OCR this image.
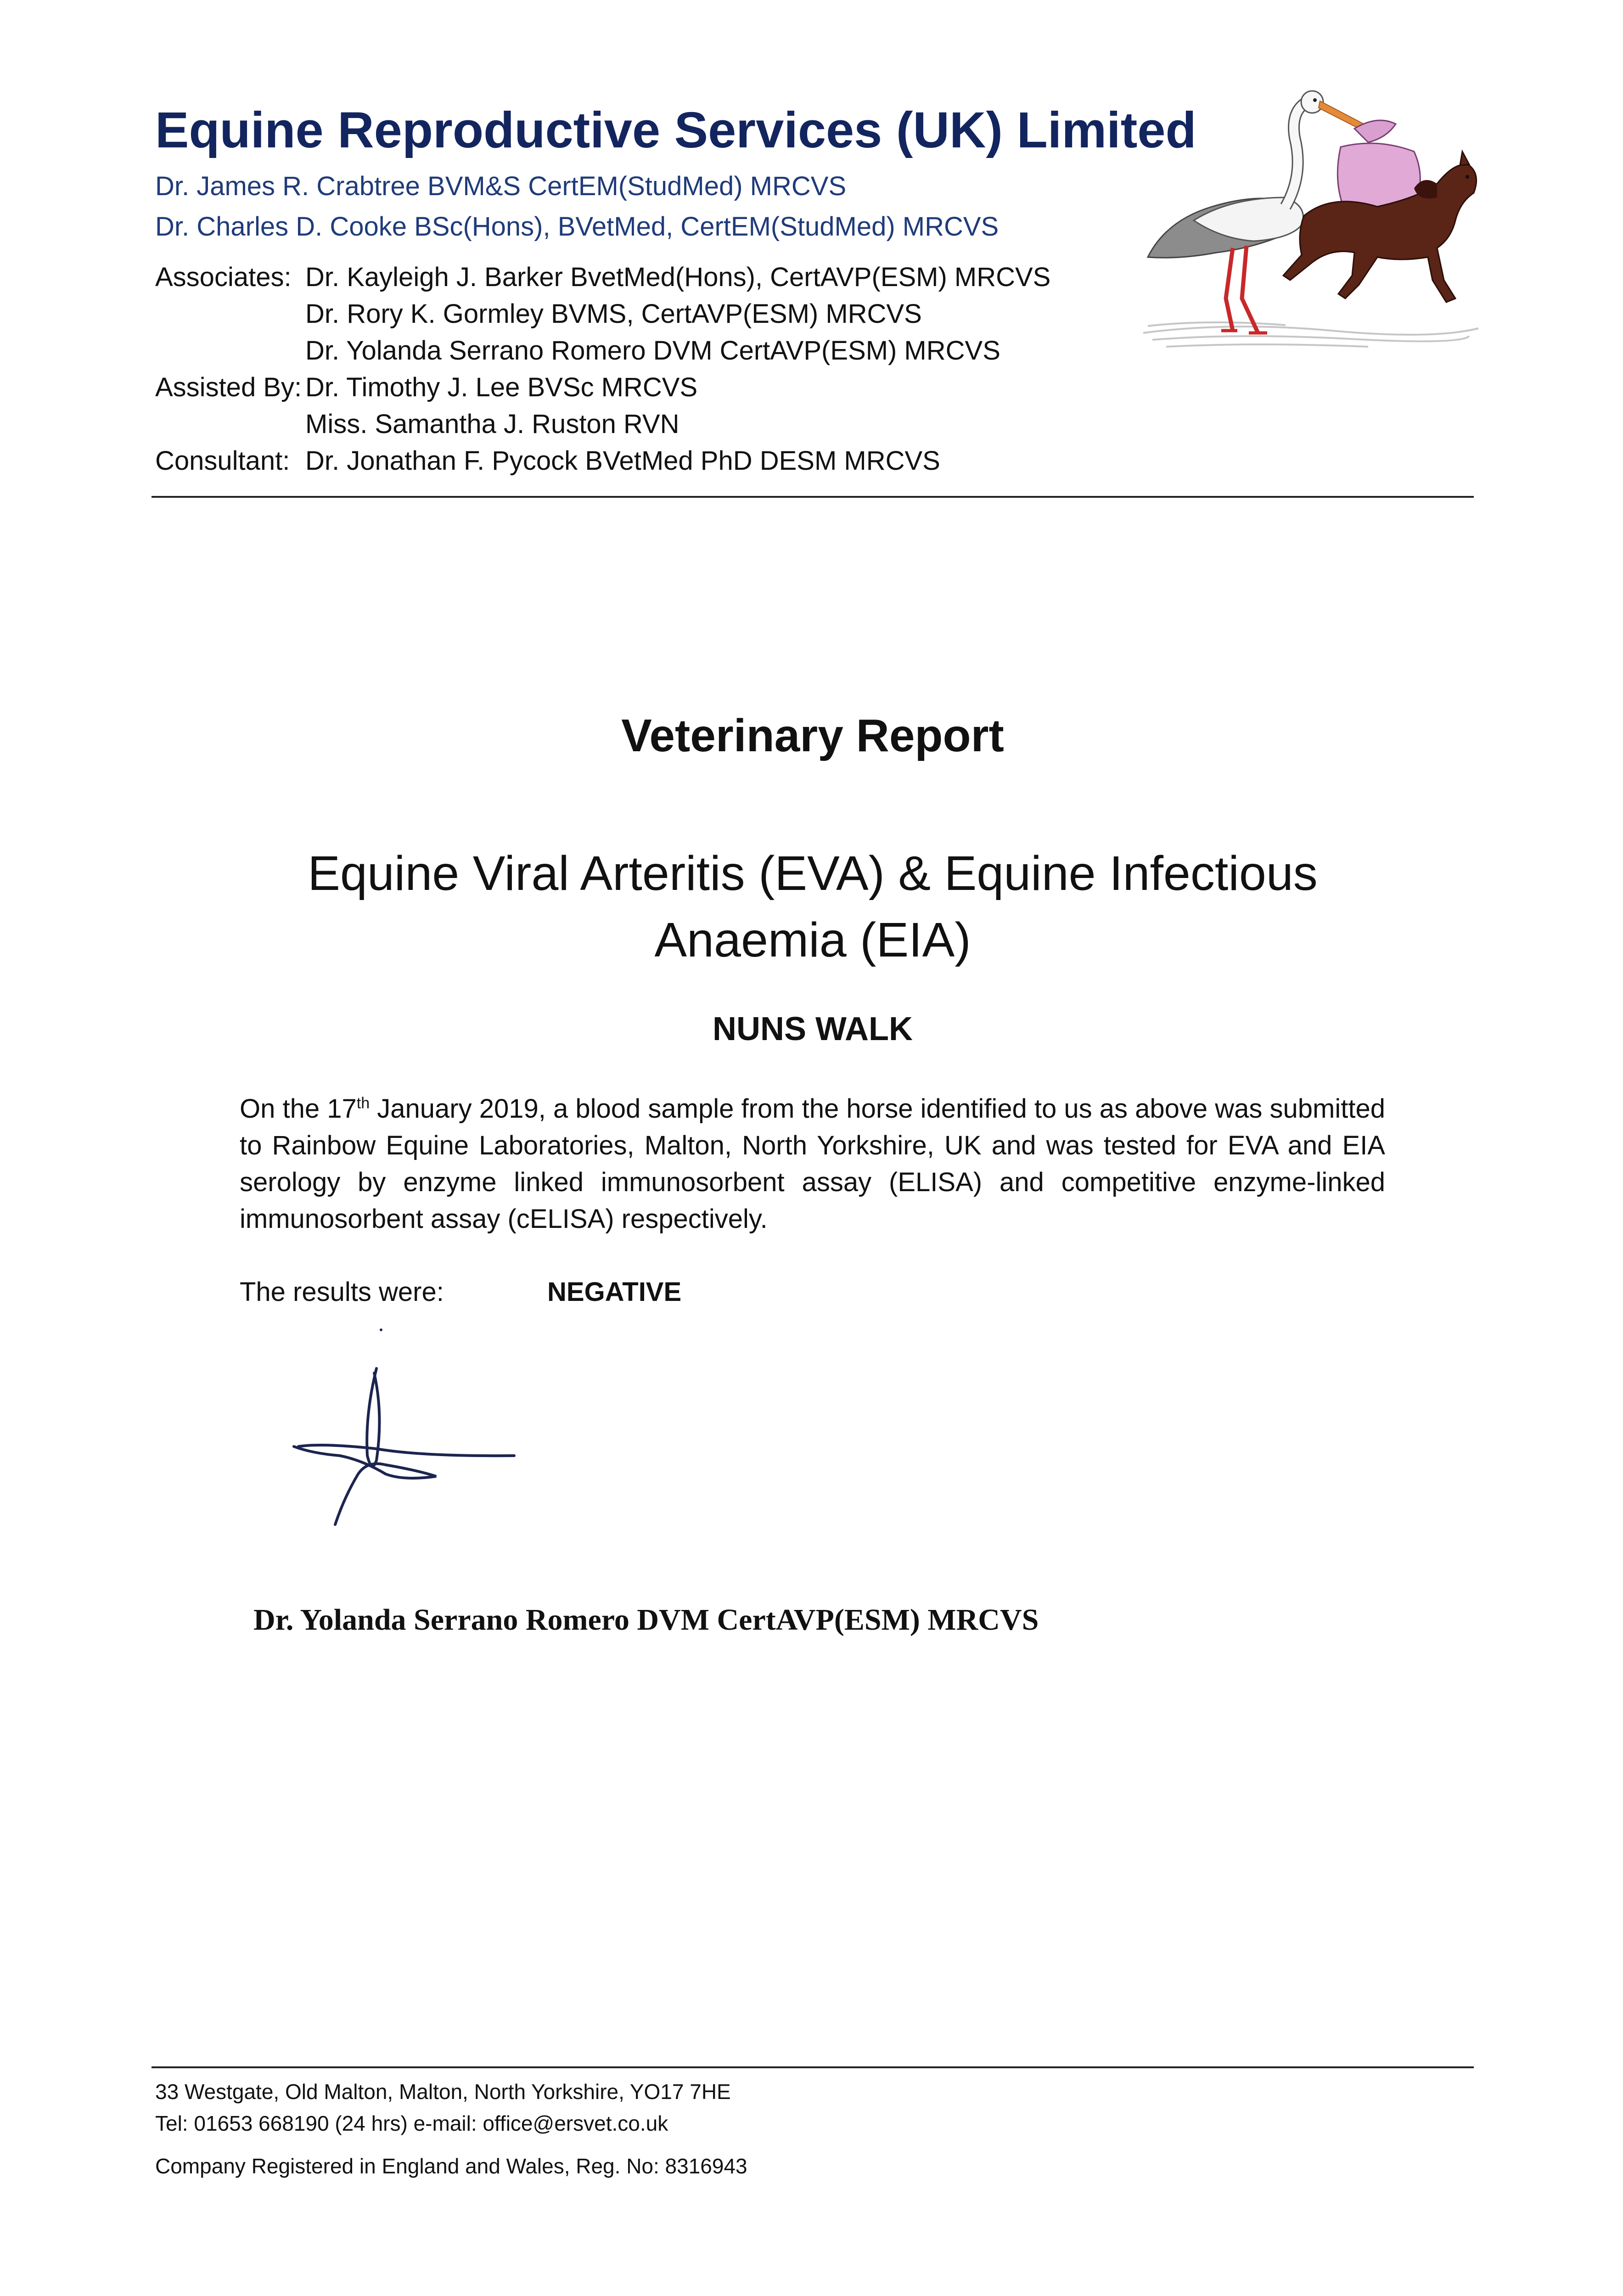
Equine Reproductive Services (UK) Limited
Dr. James R. Crabtree BVM&S CertEM(StudMed) MRCVS
Dr. Charles D. Cooke BSc(Hons), BVetMed, CertEM(StudMed) MRCVS
Associates: Dr. Kayleigh J. Barker BvetMed(Hons), CertAVP(ESM) MRCVS
Dr. Rory K. Gormley BVMS, CertAVP(ESM) MRCVS
Dr. Yolanda Serrano Romero DVM CertAVP(ESM) MRCVS
Assisted By: Dr. Timothy J. Lee BVSc MRCVS
Miss. Samantha J. Ruston RVN
Consultant: Dr. Jonathan F. Pycock BVetMed PhD DESM MRCVS
Veterinary Report
Equine Viral Arteritis (EVA) & Equine Infectious
Anaemia (EIA)
NUNS WALK
On the 17th January 2019, a blood sample from the horse identified to us as above was submitted to Rainbow Equine Laboratories, Malton, North Yorkshire, UK and was tested for EVA and EIA serology by enzyme linked immunosorbent assay (ELISA) and competitive enzyme-linked immunosorbent assay (cELISA) respectively.
The results were:	NEGATIVE
Dr. Yolanda Serrano Romero DVM CertAVP(ESM) MRCVS
33 Westgate, Old Malton, Malton, North Yorkshire, YO17 7HE
Tel: 01653 668190 (24 hrs) e-mail: office@ersvet.co.uk
Company Registered in England and Wales, Reg. No: 8316943
